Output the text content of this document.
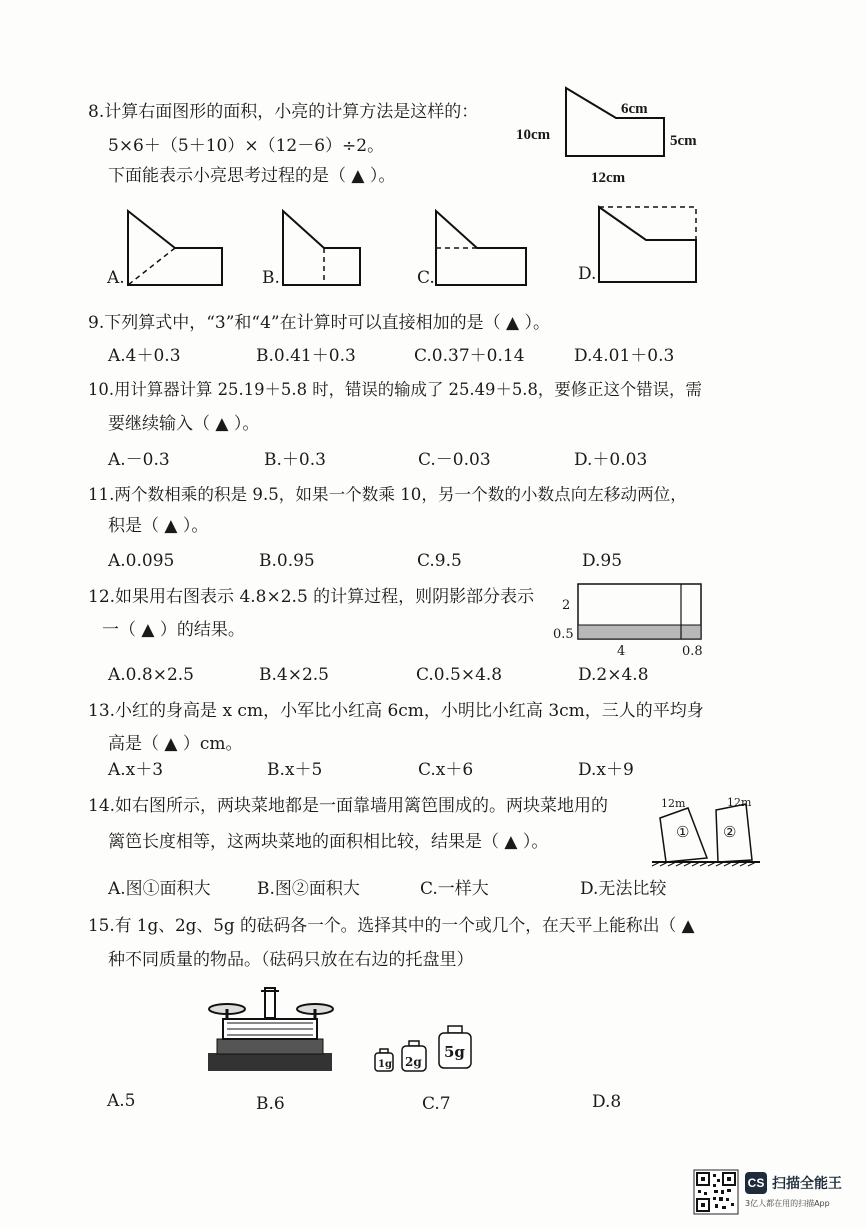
8.计算右面图形的面积，小亮的计算方法是这样的：
5×6＋（5＋10）×（12－6）÷2。
下面能表示小亮思考过程的是（ ▲ ）。
6cm
5cm
10cm
12cm
A.	B.	C.	D.
9.下列算式中，“3”和“4”在计算时可以直接相加的是（ ▲ ）。
A.4＋0.3	B.0.41＋0.3	C.0.37＋0.14	D.4.01＋0.3
10.用计算器计算 25.19＋5.8 时，错误的输成了 25.49＋5.8，要修正这个错误，需
要继续输入（ ▲ ）。
A.－0.3	B.＋0.3	C.－0.03	D.＋0.03
11.两个数相乘的积是 9.5，如果一个数乘 10，另一个数的小数点向左移动两位，
积是（ ▲ ）。
A.0.095	B.0.95	C.9.5	D.95
12.如果用右图表示 4.8×2.5 的计算过程，则阴影部分表示
一（ ▲ ）的结果。
2
0.5
4	0.8
A.0.8×2.5	B.4×2.5	C.0.5×4.8	D.2×4.8
13.小红的身高是 x cm，小军比小红高 6cm，小明比小红高 3cm，三人的平均身
高是（ ▲ ）cm。
A.x＋3	B.x＋5	C.x＋6	D.x＋9
14.如右图所示，两块菜地都是一面靠墙用篱笆围成的。两块菜地用的
篱笆长度相等，这两块菜地的面积相比较，结果是（ ▲ ）。
12m	12m
① ②
A.图①面积大	B.图②面积大	C.一样大	D.无法比较
15.有 1g、2g、5g 的砝码各一个。选择其中的一个或几个，在天平上能称出（ ▲
种不同质量的物品。（砝码只放在右边的托盘里）
1g 2g
5g
A.5	B.6	C.7	D.8
CS 扫描全能王
3亿人都在用的扫描App
